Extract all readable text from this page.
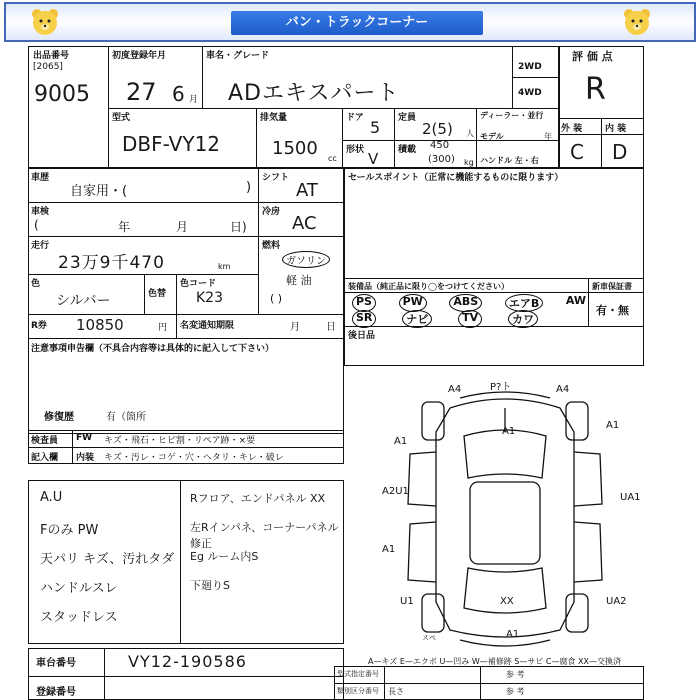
バン・トラックコーナー
出品番号
[2065]
9005
初度登録年月
27 6 月
車名・グレード
ADエキスパート
2WD
4WD
評 価 点
R
型式
DBF-VY12
排気量
1500 cc
ドア 5 定員
2(5) 人
ディーラー・並行
モデル	年
形状 V 積載 450
(300) kg ハンドル 左・右
外 装	内 装
C D
車歴
自家用・(	)
シフト
AT
車検
(	年	月	日)
冷房
AC
走行
23万9千470	km
燃料
ガソリン
軽 油
( )
色
シルバー	色替
色コード
K23
R券 10850	円 名変通知期限	月	日
注意事項申告欄（不具合内容等は具体的に記入して下さい）
修復歴	有（箇所
セールスポイント（正常に機能するものに限ります）
装備品（純正品に限り◯をつけてください）	新車保証書
PS	PW	ABS	エアB	AW
SR	ナビ	TV	カワ
有・無
後日品
検査員
記入欄
FW キズ・飛石・ヒビ割・リペア跡・×要
内装 キズ・汚レ・コゲ・穴・ヘタリ・キレ・破レ
A.U
Fのみ PW
天パリ キズ、汚れタダ
ハンドルスレ
スタッドレス
Rフロア、エンドパネル XX
左Rインパネ、コーナーパネル修正
Eg ルーム内S
下廻りS
A4	P?ト	A4
A1
A1
A1
A2U1
UA1
A1
XX
U1	UA2
A1
スペ
A—キズ E—エクボ U—凹み W—補修跡 S—サビ C—腐食 XX—交換済
車台番号	VY12-190586
登録番号
型式指定番号	参 考
類別区分番号 長さ	参 考
